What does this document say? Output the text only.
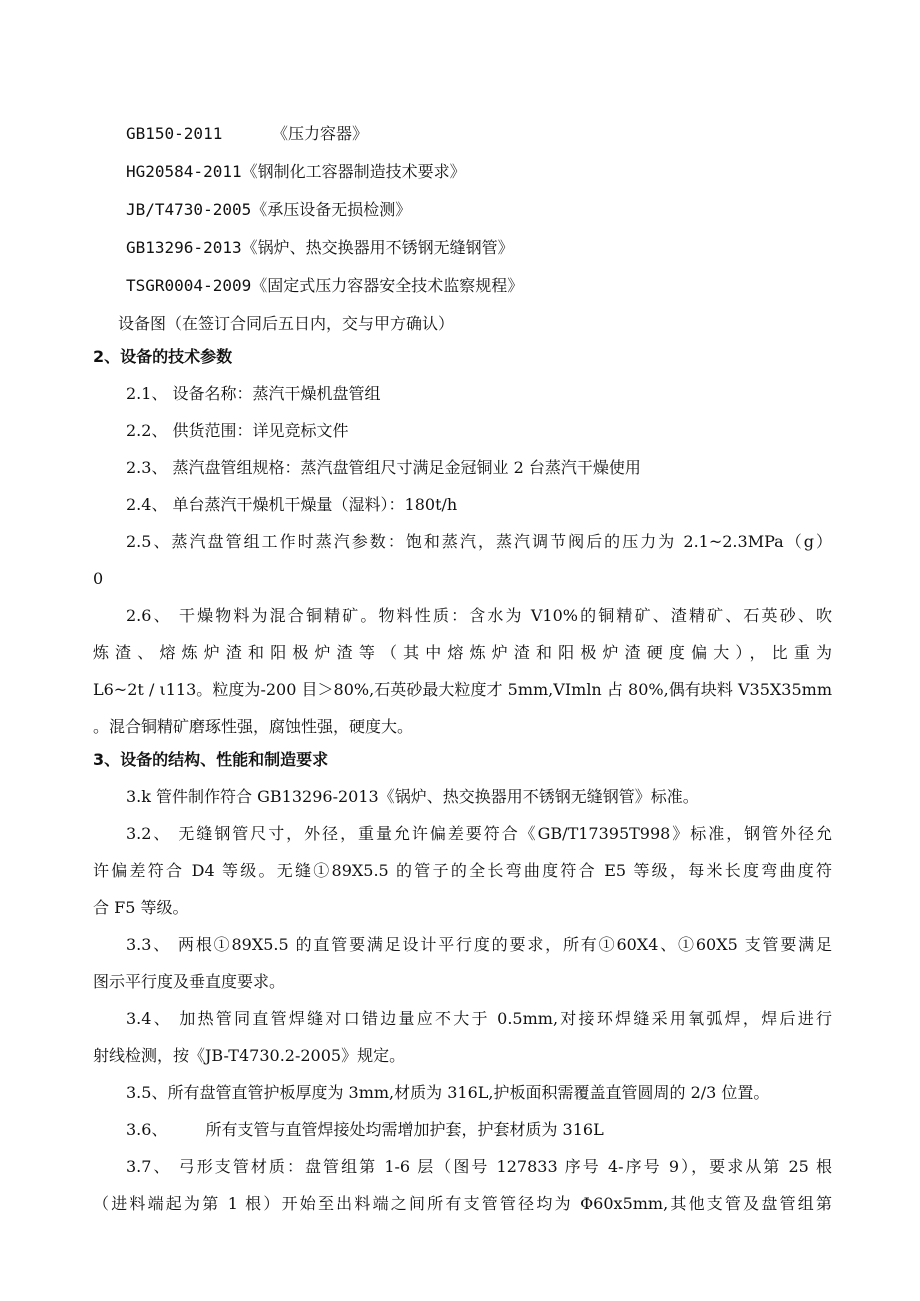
GB150-2011	《压力容器》
HG20584-2011《钢制化工容器制造技术要求》
JB/T4730-2005《承压设备无损检测》
GB13296-2013《锅炉、热交换器用不锈钢无缝钢管》
TSGR0004-2009《固定式压力容器安全技术监察规程》
设备图（在签订合同后五日内，交与甲方确认）
2、设备的技术参数
2.1、 设备名称：蒸汽干燥机盘管组
2.2、 供货范围：详见竞标文件
2.3、 蒸汽盘管组规格：蒸汽盘管组尺寸满足金冠铜业 2 台蒸汽干燥使用
2.4、 单台蒸汽干燥机干燥量（湿料）：180t/h
2.5、蒸汽盘管组工作时蒸汽参数：饱和蒸汽，蒸汽调节阀后的压力为 2.1~2.3MPa（g）
0
2.6、 干燥物料为混合铜精矿。物料性质：含水为 V10%的铜精矿、渣精矿、石英砂、吹
炼渣、熔炼炉渣和阳极炉渣等（其中熔炼炉渣和阳极炉渣硬度偏大），比重为
L6~2t / ι113。粒度为-200 目＞80%,石英砂最大粒度才 5mm,VImln 占 80%,偶有块料 V35X35mm
。混合铜精矿磨琢性强，腐蚀性强，硬度大。
3、设备的结构、性能和制造要求
3.k 管件制作符合 GB13296-2013《锅炉、热交换器用不锈钢无缝钢管》标准。
3.2、 无缝钢管尺寸，外径，重量允许偏差要符合《GB/T17395T998》标准，钢管外径允
许偏差符合 D4 等级。无缝①89X5.5 的管子的全长弯曲度符合 E5 等级，每米长度弯曲度符
合 F5 等级。
3.3、 两根①89X5.5 的直管要满足设计平行度的要求，所有①60X4、①60X5 支管要满足
图示平行度及垂直度要求。
3.4、 加热管同直管焊缝对口错边量应不大于 0.5mm,对接环焊缝采用氧弧焊，焊后进行
射线检测，按《JB-T4730.2-2005》规定。
3.5、所有盘管直管护板厚度为 3mm,材质为 316L,护板面积需覆盖直管圆周的 2/3 位置。
3.6、 所有支管与直管焊接处均需增加护套，护套材质为 316L
3.7、 弓形支管材质：盘管组第 1-6 层（图号 127833 序号 4-序号 9），要求从第 25 根
（进料端起为第 1 根）开始至出料端之间所有支管管径均为 Φ60x5mm,其他支管及盘管组第
